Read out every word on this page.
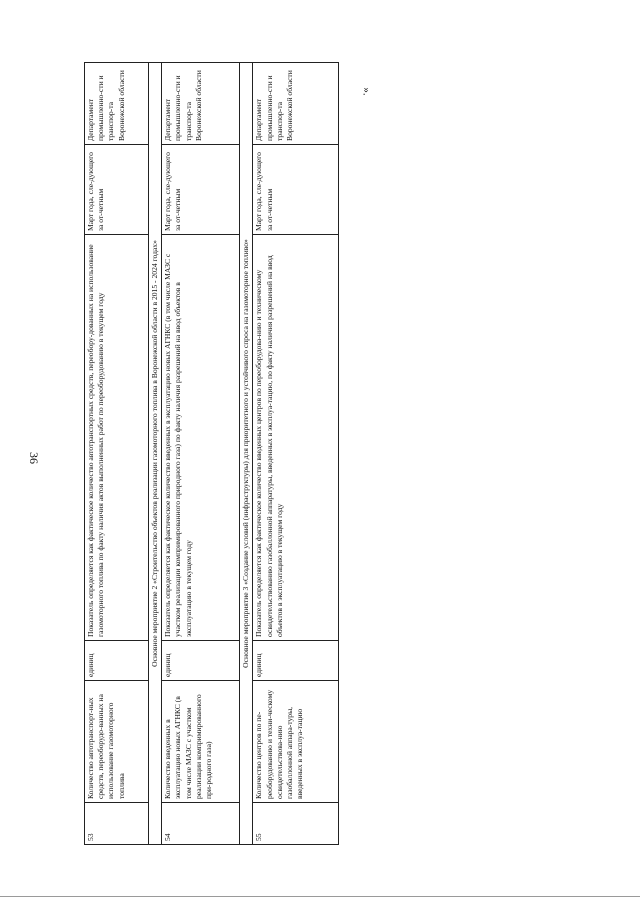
36
».
53	Количество автотранспорт-ных средств, переоборудо-ванных на использование газомоторного топлива	единиц	Показатель определяется как фактическое количество автотранспортных средств, переобору-дованных на использование газомоторного топлива по факту наличия актов выполненных работ по переоборудованию в текущем году	Март года, сле-дующего за от-четным	Департамент промышленно-сти и транспор-та Воронежской области
Основное мероприятие 2 «Строительство объектов реализации газомоторного топлива в Воронежской области в 2015 - 2024 годах»					
54	Количество введенных в эксплуатацию новых АГНКС (в том числе МАЗС с участком реализации компримированного при-родного газа)	единиц	Показатель определяется как фактическое количество введенных в эксплуатацию новых АГНКС (в том числе МАЗС с участком реализации компримированного природного газа) по факту наличия разрешений на ввод объектов в эксплуатацию в текущем году	Март года, сле-дующего за от-четным	Департамент промышленно-сти и транспор-та Воронежской области
Основное мероприятие 3 «Создание условий (инфраструктуры) для приоритетного и устойчивого спроса на газомоторное топливо»					
55	Количество центров по пе-реоборудованию и техни-ческому освидетельствова-нию газобаллонной аппара-туры, введенных в эксплуа-тацию	единиц	Показатель определяется как фактическое количество введенных центров по переоборудова-нию и техническому освидетельствованию газобаллонной аппаратуры, введенных в эксплуа-тацию, по факту наличия разрешений на ввод объектов в эксплуатацию в текущем году	Март года, сле-дующего за от-четным	Департамент промышленно-сти и транспор-та Воронежской области
